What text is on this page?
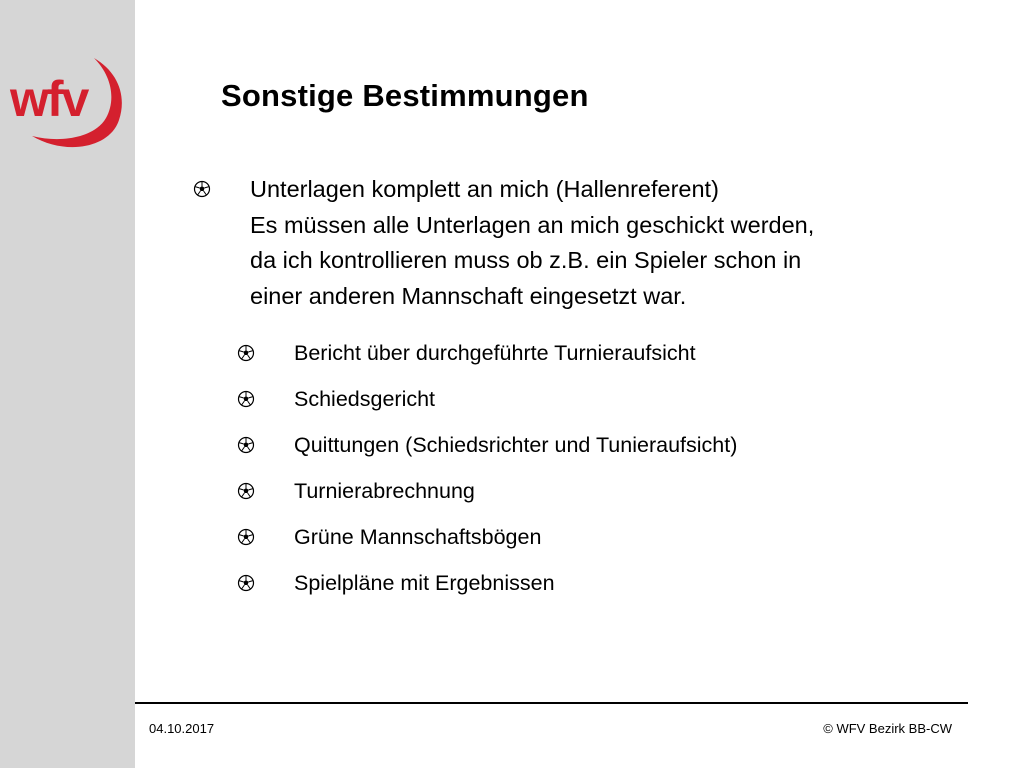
wfv	Sonstige Bestimmungen
Unterlagen komplett an mich (Hallenreferent)
Es müssen alle Unterlagen an mich geschickt werden,
da ich kontrollieren muss ob z.B. ein Spieler schon in
einer anderen Mannschaft eingesetzt war.
Bericht über durchgeführte Turnieraufsicht
Schiedsgericht
Quittungen (Schiedsrichter und Tunieraufsicht)
Turnierabrechnung
Grüne Mannschaftsbögen
Spielpläne mit Ergebnissen
04.10.2017	© WFV Bezirk BB-CW
